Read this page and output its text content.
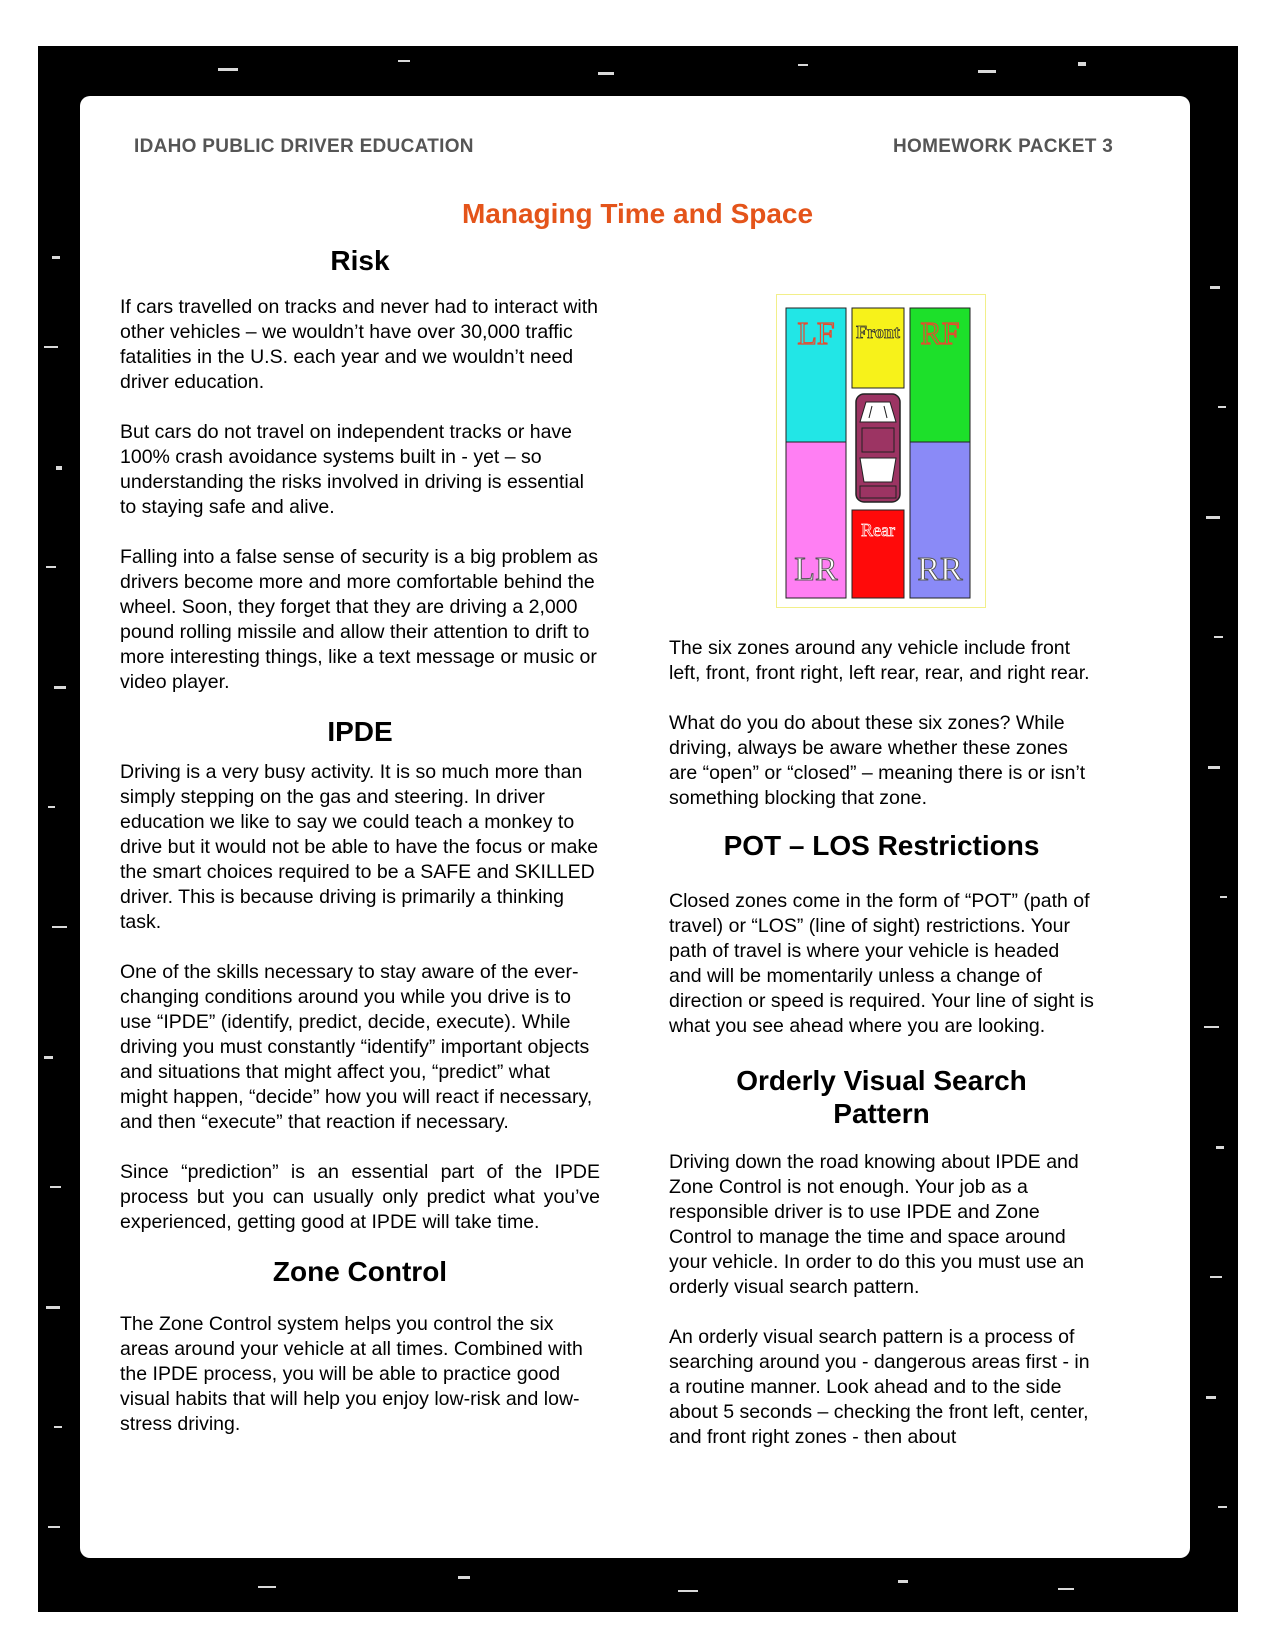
IDAHO PUBLIC DRIVER EDUCATION	HOMEWORK PACKET 3
Managing Time and Space
Risk

If cars travelled on tracks and never had to interact with other vehicles – we wouldn’t have over 30,000 traffic fatalities in the U.S. each year and we wouldn’t need driver education.

But cars do not travel on independent tracks or have 100% crash avoidance systems built in - yet – so understanding the risks involved in driving is essential to staying safe and alive.

Falling into a false sense of security is a big problem as drivers become more and more comfortable behind the wheel. Soon, they forget that they are driving a 2,000 pound rolling missile and allow their attention to drift to more interesting things, like a text message or music or video player.

IPDE

Driving is a very busy activity. It is so much more than simply stepping on the gas and steering. In driver education we like to say we could teach a monkey to drive but it would not be able to have the focus or make the smart choices required to be a SAFE and SKILLED driver. This is because driving is primarily a thinking task.

One of the skills necessary to stay aware of the ever-changing conditions around you while you drive is to use “IPDE” (identify, predict, decide, execute). While driving you must constantly “identify” important objects and situations that might affect you, “predict” what might happen, “decide” how you will react if necessary, and then “execute” that reaction if necessary.

Since “prediction” is an essential part of the IPDE process but you can usually only predict what you’ve experienced, getting good at IPDE will take time.

Zone Control

The Zone Control system helps you control the six areas around your vehicle at all times. Combined with the IPDE process, you will be able to practice good visual habits that will help you enjoy low-risk and low-stress driving.

LF Front RF
LR
Rear
RR

The six zones around any vehicle include front left, front, front right, left rear, rear, and right rear.

What do you do about these six zones? While driving, always be aware whether these zones are “open” or “closed” – meaning there is or isn’t something blocking that zone.

POT – LOS Restrictions

Closed zones come in the form of “POT” (path of travel) or “LOS” (line of sight) restrictions. Your path of travel is where your vehicle is headed and will be momentarily unless a change of direction or speed is required. Your line of sight is what you see ahead where you are looking.

Orderly Visual Search Pattern

Driving down the road knowing about IPDE and Zone Control is not enough. Your job as a responsible driver is to use IPDE and Zone Control to manage the time and space around your vehicle. In order to do this you must use an orderly visual search pattern.

An orderly visual search pattern is a process of searching around you - dangerous areas first - in a routine manner. Look ahead and to the side about 5 seconds – checking the front left, center, and front right zones - then about
